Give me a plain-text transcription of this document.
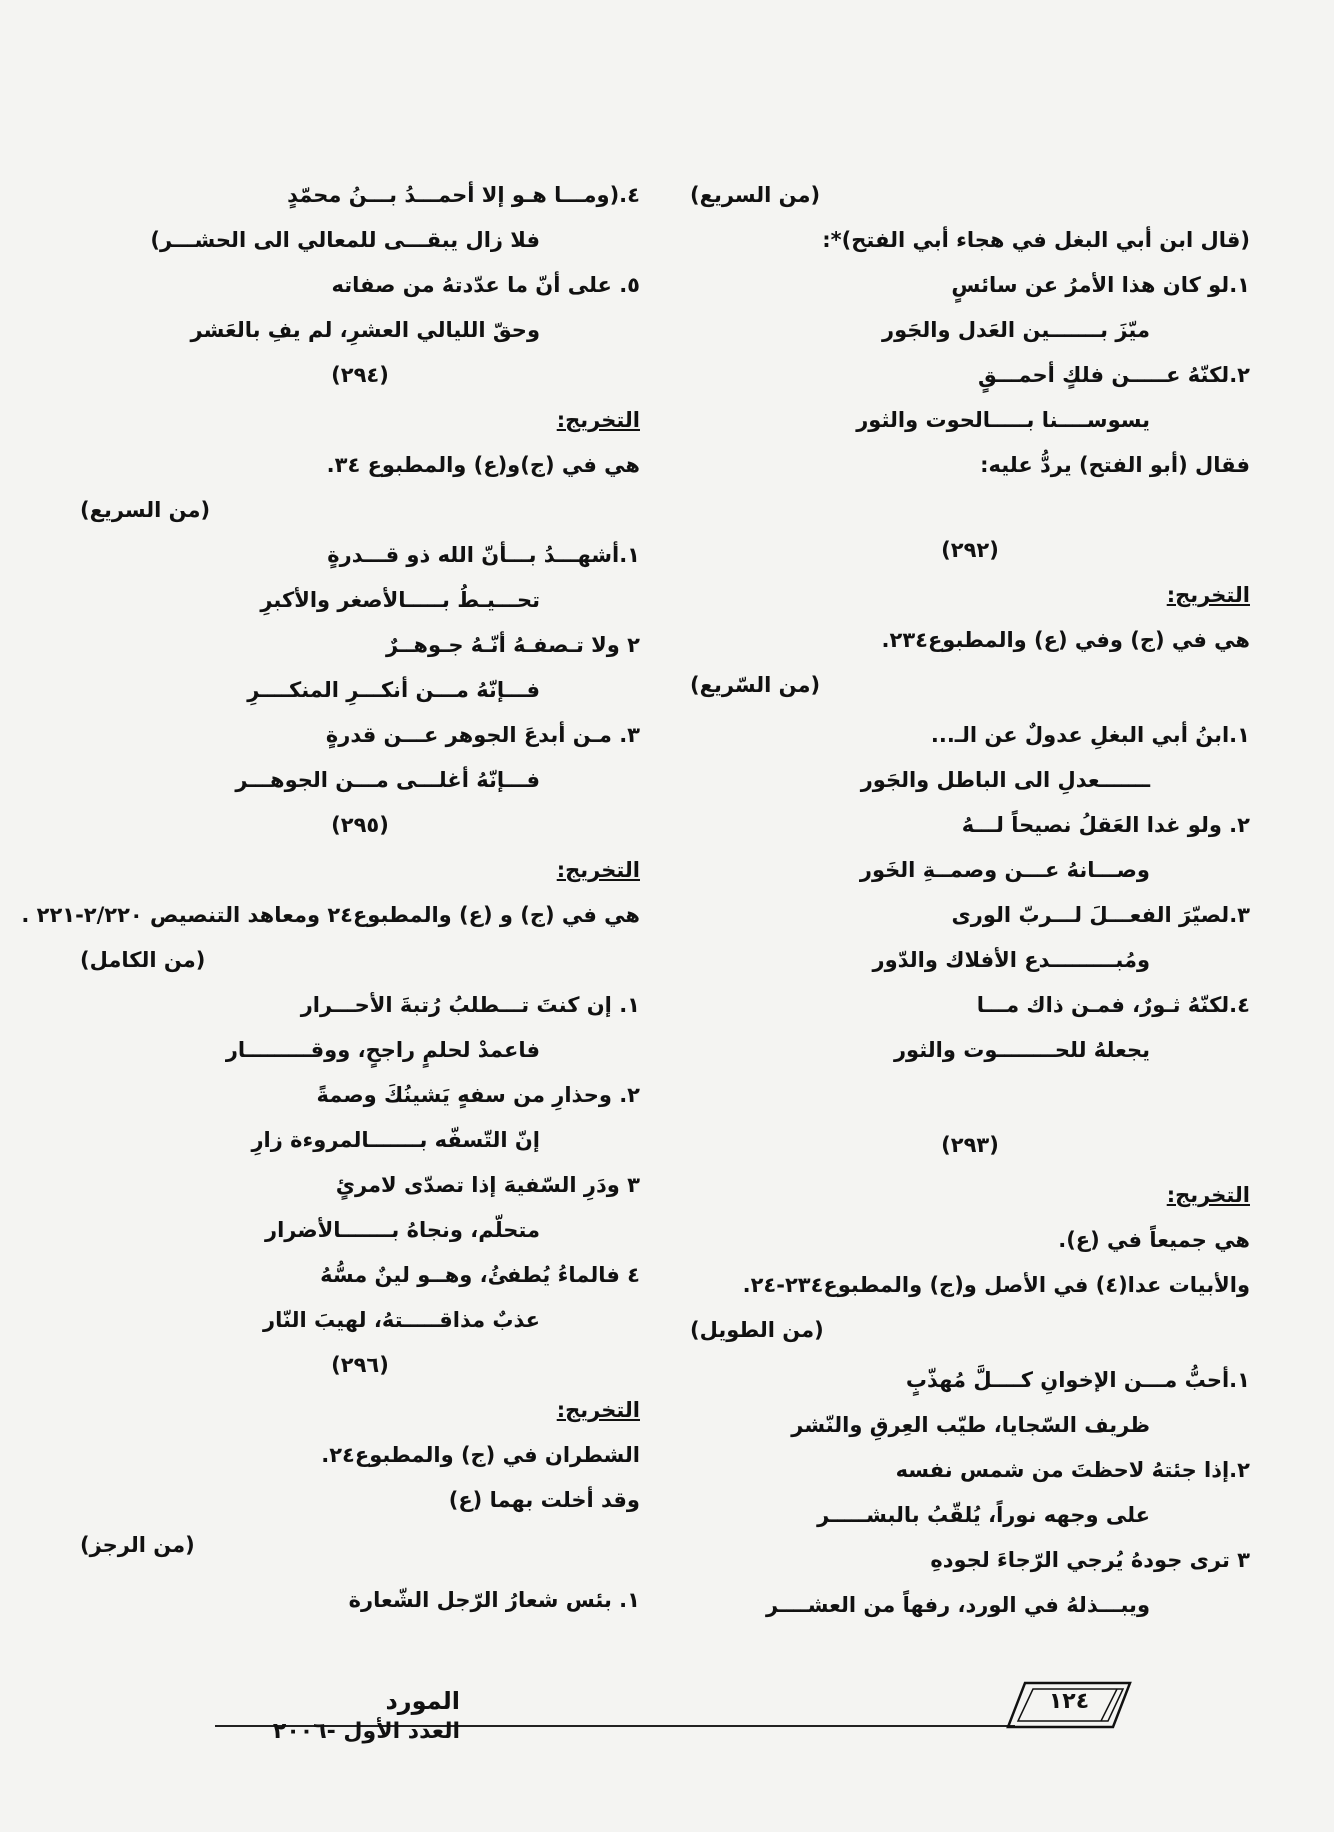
(من السريع)
(قال ابن أبي البغل في هجاء أبي الفتح)*:
١.لو كان هذا الأمرُ عن سائسٍ
ميّزَ بـــــــين العَدل والجَور
٢.لكنّهُ عـــــن فلكٍ أحمـــقٍ
يسوســــنا بـــــالحوت والثور
فقال (أبو الفتح) يردُّ عليه:
(٢٩٢)
التخريج:
هي في (ج) وفي (ع) والمطبوع٢٣٤.
(من السّريع)
١.ابنُ أبي البغلِ عدولٌ عن الـ...
ـــــــعدلِ الى الباطل والجَور
٢. ولو غدا العَقلُ نصيحاً لـــهُ
وصـــانهُ عـــن وصمــةِ الخَور
٣.لصيّرَ الفعـــلَ لـــربّ الورى
ومُبـــــــــدع الأفلاك والدّور
٤.لكنّهُ ثـورٌ، فمـن ذاك مـــا
يجعلهُ للحــــــــوت والثور
(٢٩٣)
التخريج:
هي جميعاً في (ع).
والأبيات عدا(٤) في الأصل و(ج) والمطبوع٢٣٤-٢٤.
(من الطويل)
١.أحبُّ مـــن الإخوانِ كــــلَّ مُهذّبٍ
ظريف السّجايا، طيّب العِرقِ والنّشر
٢.إذا جئتهُ لاحظتَ من شمس نفسه
على وجهه نوراً، يُلقّبُ بالبشـــــر
٣ ترى جودهُ يُرجي الرّجاءَ لجودهِ
ويبـــذلهُ في الورد، رفهاً من العشــــر
٤.(ومـــا هـو إلا أحمـــدُ بـــنُ محمّدٍ
فلا زال يبقـــى للمعالي الى الحشـــر)
٥. على أنّ ما عدّدتهُ من صفاته
وحقّ الليالي العشرِ، لم يفِ بالعَشر
(٢٩٤)
التخريج:
هي في (ج)و(ع) والمطبوع ٣٤.
(من السريع)
١.أشهـــدُ بـــأنّ الله ذو قـــدرةٍ
تحـــيـطُ بـــــالأصغر والأكبرِ
٢ ولا تـصفـهُ أنّـهُ جـوهــرٌ
فـــإنّهُ مـــن أنكـــرِ المنكــــرِ
٣. مـن أبدعَ الجوهر عـــن قدرةٍ
فـــإنّهُ أغلـــى مـــن الجوهـــر
(٢٩٥)
التخريج:
هي في (ج) و (ع) والمطبوع٢٤ ومعاهد التنصيص ٢/٢٢٠-٢٢١ .
(من الكامل)
١. إن كنتَ تـــطلبُ رُتبةَ الأحـــرار
فاعمدْ لحلمٍ راجحٍ، ووقـــــــــار
٢. وحذارِ من سفهٍ يَشينُكَ وصمةً
إنّ التّسفّه بـــــــالمروءة زارِ
٣ ودَرِ السّفيهَ إذا تصدّى لامرئٍ
متحلّم، ونجاهُ بـــــــالأضرار
٤ فالماءُ يُطفئُ، وهــو لينٌ مسُّهُ
عذبٌ مذاقـــــتهُ، لهيبَ النّار
(٢٩٦)
التخريج:
الشطران في (ج) والمطبوع٢٤.
وقد أخلت بهما (ع)
(من الرجز)
١. بئس شعارُ الرّجل الشّعارة
١٢٤
المورد
العدد الأول -٢٠٠٦
